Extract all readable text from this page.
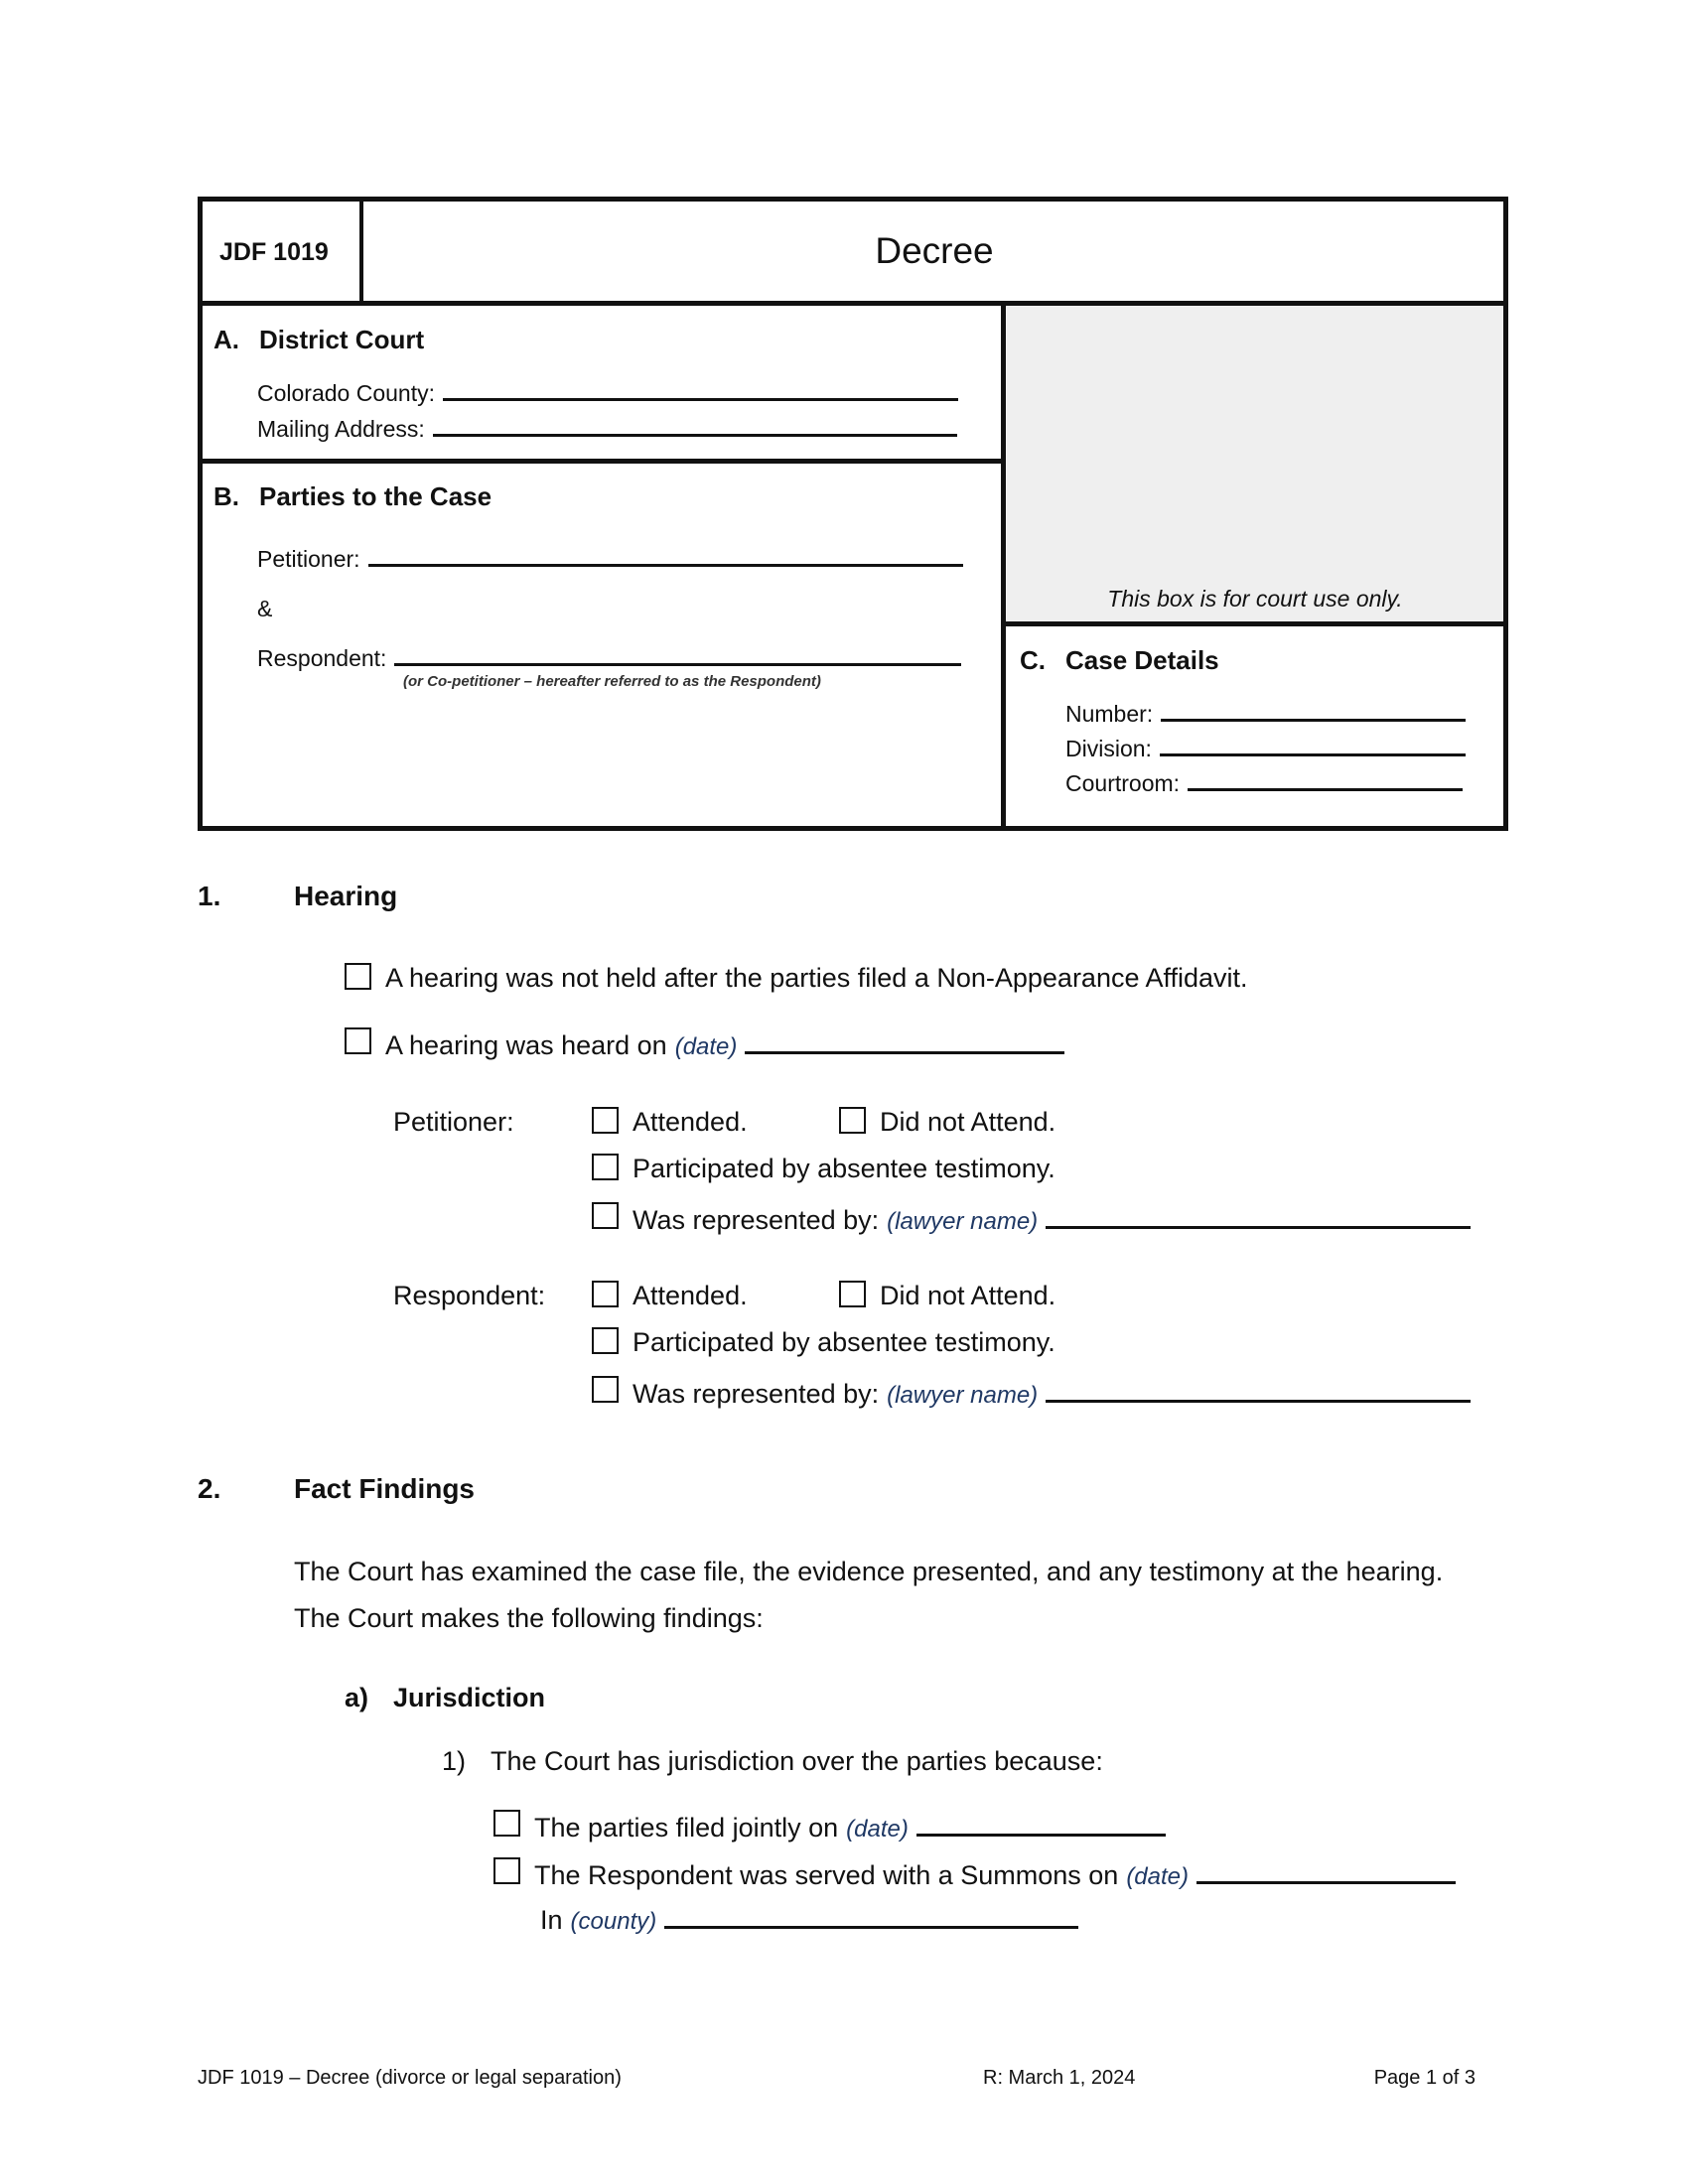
JDF 1019	Decree
A. District Court
Colorado County:
Mailing Address:
B. Parties to the Case
Petitioner:
&
Respondent:
(or Co-petitioner – hereafter referred to as the Respondent)
This box is for court use only.
C. Case Details
Number:
Division:
Courtroom:
1.	Hearing
A hearing was not held after the parties filed a Non-Appearance Affidavit.
A hearing was heard on (date)
Petitioner:	Attended.	Did not Attend.
Participated by absentee testimony.
Was represented by: (lawyer name)
Respondent:	Attended.	Did not Attend.
Participated by absentee testimony.
Was represented by: (lawyer name)
2.	Fact Findings
The Court has examined the case file, the evidence presented, and any testimony at the hearing.
The Court makes the following findings:
a) Jurisdiction
1) The Court has jurisdiction over the parties because:
The parties filed jointly on (date)
The Respondent was served with a Summons on (date)
In (county)
JDF 1019 – Decree (divorce or legal separation)	R: March 1, 2024	Page 1 of 3
